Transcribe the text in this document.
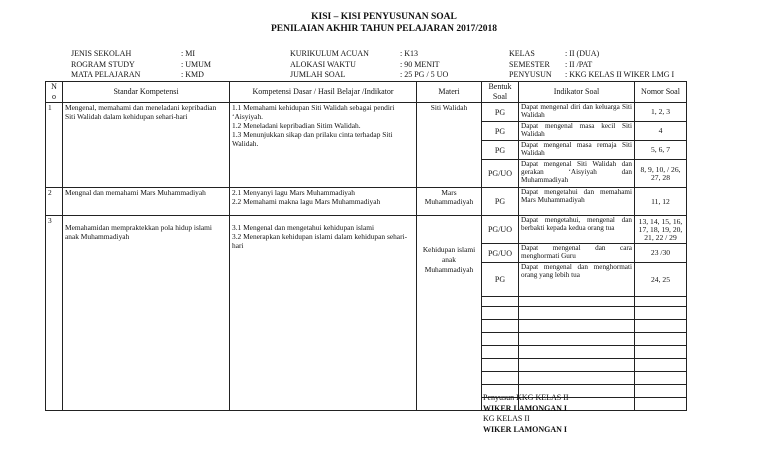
KISI – KISI PENYUSUNAN SOAL
PENILAIAN AKHIR TAHUN PELAJARAN 2017/2018
JENIS SEKOLAH	: MI
ROGRAM STUDY	: UMUM
MATA PELAJARAN	: KMD
KURIKULUM ACUAN	: K13
ALOKASI WAKTU	: 90 MENIT
JUMLAH SOAL	: 25 PG / 5 UO
KELAS	: II (DUA)
SEMESTER : II /PAT
PENYUSUN : KKG KELAS II WIKER LMG I
N o	Standar Kompetensi	Kompetensi Dasar / Hasil Belajar /Indikator	Materi	Bentuk Soal	Indikator Soal	Nomor Soal
1	Mengenal, memahami dan meneladani kepribadian Siti Walidah dalam kehidupan sehari-hari	1.1 Memahami kehidupan Siti Walidah sebagai pendiri ‘Aisyiyah.
1.2 Meneladani kepribadian Sitim Walidah.
1.3 Menunjukkan sikap dan prilaku cinta terhadap Siti Walidah.	Siti Walidah	PG	Dapat mengenal diri dan keluarga Siti Walidah	1, 2, 3
				PG	Dapat mengenal masa kecil Siti Walidah	4
				PG	Dapat mengenal masa remaja Siti Walidah	5, 6, 7
				PG/UO	Dapat mengenal Siti Walidah dan gerakan ‘Aisyiyah dan Muhammadiyah	8, 9, 10, / 26, 27, 28
2	Mengnal dan memahami Mars Muhammadiyah	2.1 Menyanyi lagu Mars Muhammadiyah
2.2 Memahami makna lagu Mars Muhammadiyah	Mars Muhammadiyah	PG	Dapat mengetahui dan memahami Mars Muhammadiyah	11, 12
3	Memahamidan mempraktekkan pola hidup islami anak Muhammadiyah	3.1 Mengenal dan mengetahui kehidupan islami
3.2 Menerapkan kehidupan islami dalam kehidupan sehari-hari	Kehidupan islami anak Muhammadiyah	PG/UO	Dapat mengetahui, mengenal dan berbakti kepada kedua orang tua	13, 14, 15, 16, 17, 18, 19, 20, 21, 22 / 29
				PG/UO	Dapat mengenal dan cara menghormati Guru	23 /30
				PG	Dapat mengenal dan menghormati orang yang lebih tua	24, 25

Penyusun KKG KELAS II
WIKER LAMONGAN I
KG KELAS II
WIKER LAMONGAN I
